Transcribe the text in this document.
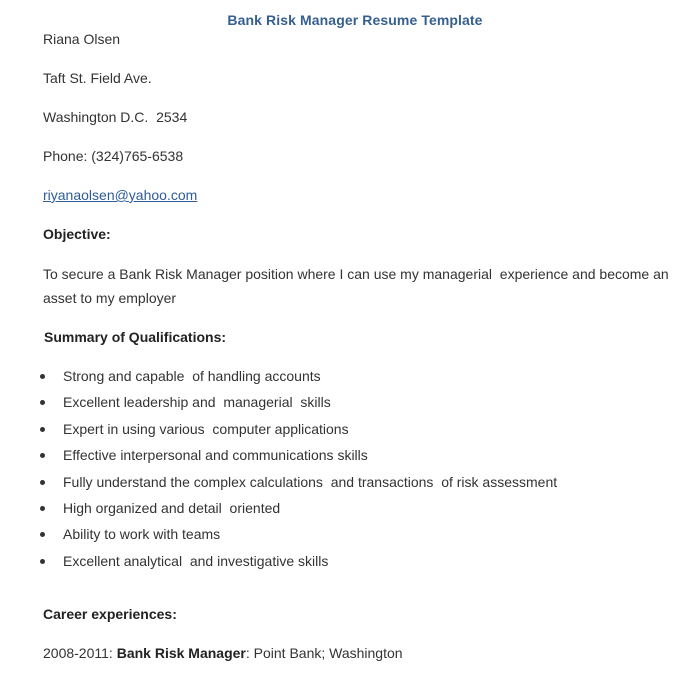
Bank Risk Manager Resume Template
Riana Olsen
Taft St. Field Ave.
Washington D.C.  2534
Phone: (324)765-6538
riyanaolsen@yahoo.com
Objective:
To secure a Bank Risk Manager position where I can use my managerial  experience and become an asset to my employer
Summary of Qualifications:
Strong and capable  of handling accounts
Excellent leadership and  managerial  skills
Expert in using various  computer applications
Effective interpersonal and communications skills
Fully understand the complex calculations  and transactions  of risk assessment
High organized and detail  oriented
Ability to work with teams
Excellent analytical  and investigative skills
Career experiences:
2008-2011: Bank Risk Manager: Point Bank; Washington
